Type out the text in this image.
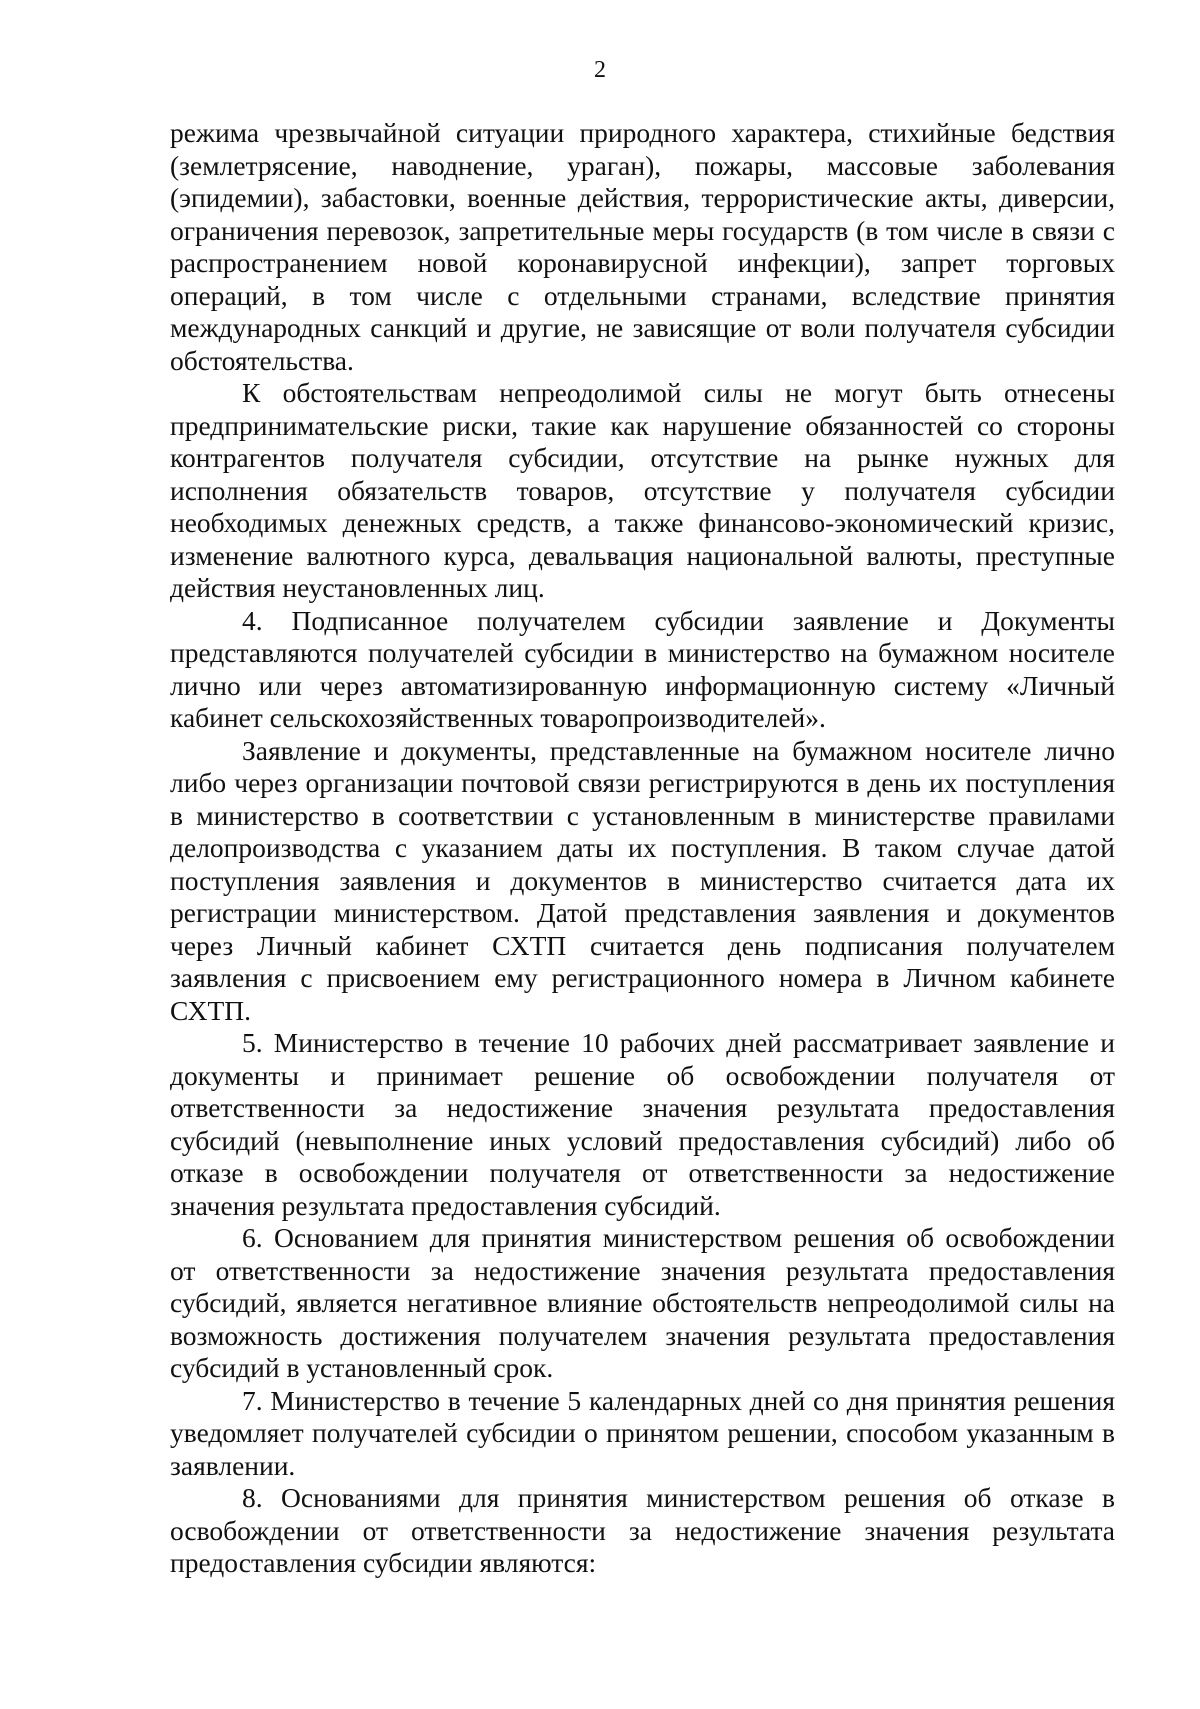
2

режима чрезвычайной ситуации природного характера, стихийные бедствия (землетрясение, наводнение, ураган), пожары, массовые заболевания (эпидемии), забастовки, военные действия, террористические акты, диверсии, ограничения перевозок, запретительные меры государств (в том числе в связи с распространением новой коронавирусной инфекции), запрет торговых операций, в том числе с отдельными странами, вследствие принятия международных санкций и другие, не зависящие от воли получателя субсидии обстоятельства.

К обстоятельствам непреодолимой силы не могут быть отнесены предпринимательские риски, такие как нарушение обязанностей со стороны контрагентов получателя субсидии, отсутствие на рынке нужных для исполнения обязательств товаров, отсутствие у получателя субсидии необходимых денежных средств, а также финансово-экономический кризис, изменение валютного курса, девальвация национальной валюты, преступные действия неустановленных лиц.

4. Подписанное получателем субсидии заявление и Документы представляются получателей субсидии в министерство на бумажном носителе лично или через автоматизированную информационную систему «Личный кабинет сельскохозяйственных товаропроизводителей».

Заявление и документы, представленные на бумажном носителе лично либо через организации почтовой связи регистрируются в день их поступления в министерство в соответствии с установленным в министерстве правилами делопроизводства с указанием даты их поступления. В таком случае датой поступления заявления и документов в министерство считается дата их регистрации министерством. Датой представления заявления и документов через Личный кабинет СХТП считается день подписания получателем заявления с присвоением ему регистрационного номера в Личном кабинете СХТП.

5. Министерство в течение 10 рабочих дней рассматривает заявление и документы и принимает решение об освобождении получателя от ответственности за недостижение значения результата предоставления субсидий (невыполнение иных условий предоставления субсидий) либо об отказе в освобождении получателя от ответственности за недостижение значения результата предоставления субсидий.

6. Основанием для принятия министерством решения об освобождении от ответственности за недостижение значения результата предоставления субсидий, является негативное влияние обстоятельств непреодолимой силы на возможность достижения получателем значения результата предоставления субсидий в установленный срок.

7. Министерство в течение 5 календарных дней со дня принятия решения уведомляет получателей субсидии о принятом решении, способом указанным в заявлении.

8. Основаниями для принятия министерством решения об отказе в освобождении от ответственности за недостижение значения результата предоставления субсидии являются:
